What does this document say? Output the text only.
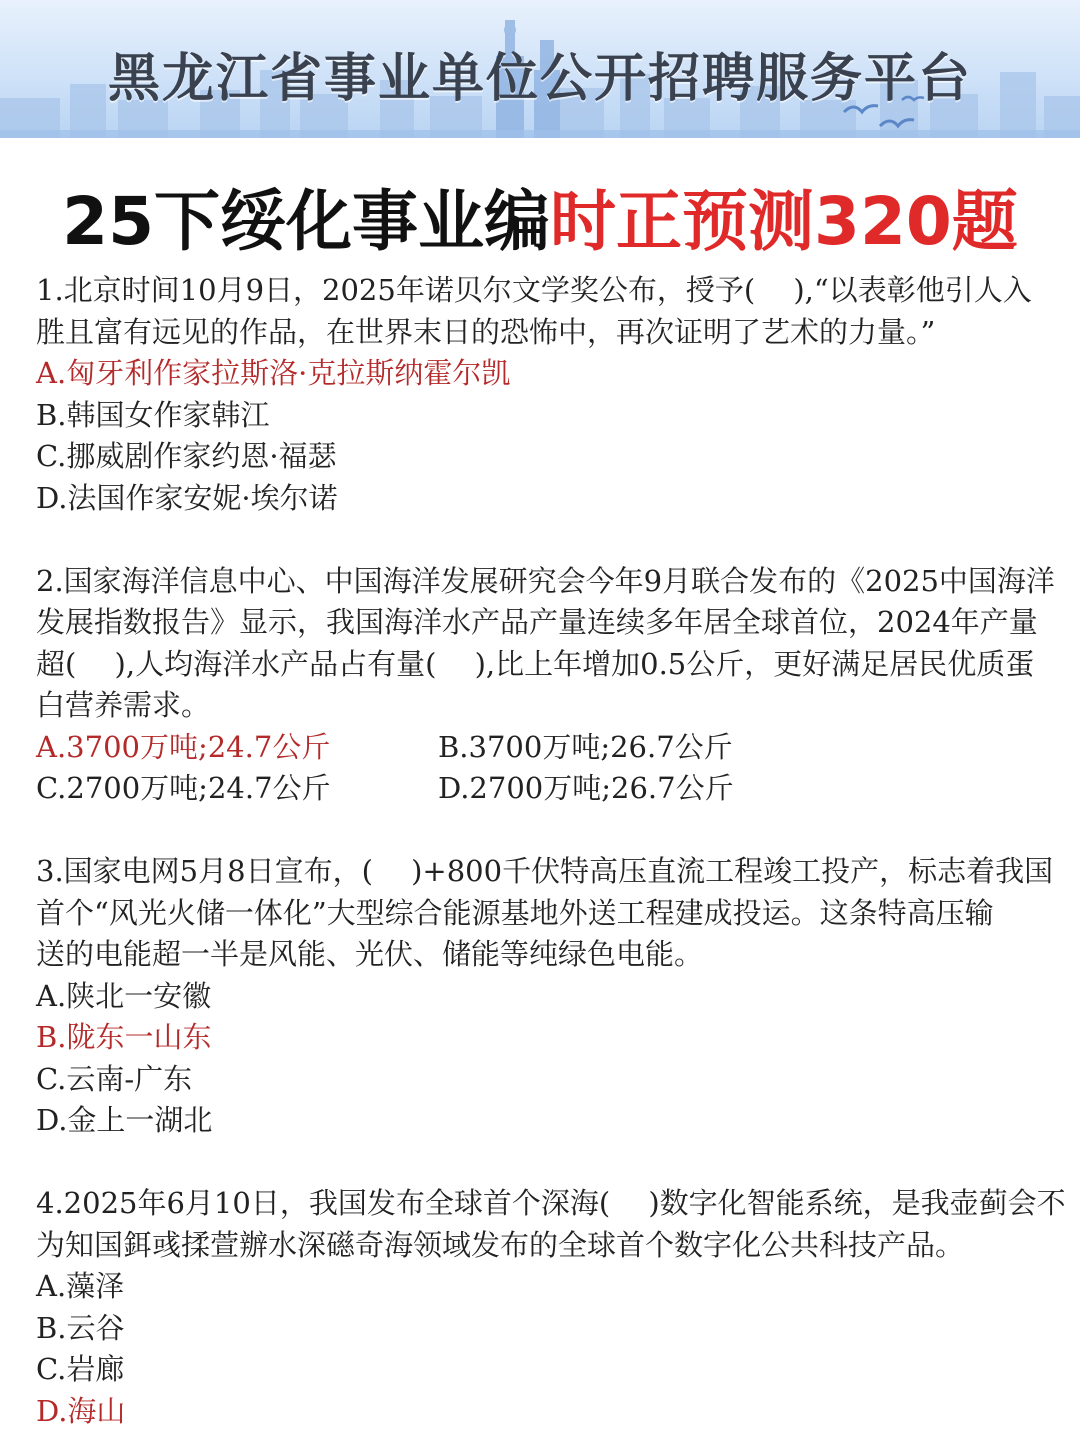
黑龙江省事业单位公开招聘服务平台
25下绥化事业编时正预测320题
1.北京时间10月9日，2025年诺贝尔文学奖公布，授予(　 ),“以表彰他引人入
胜且富有远见的作品，在世界末日的恐怖中，再次证明了艺术的力量。”
A.匈牙利作家拉斯洛·克拉斯纳霍尔凯
B.韩国女作家韩江
C.挪威剧作家约恩·福瑟
D.法国作家安妮·埃尔诺
2.国家海洋信息中心、中国海洋发展研究会今年9月联合发布的《2025中国海洋
发展指数报告》显示，我国海洋水产品产量连续多年居全球首位，2024年产量
超(　 ),人均海洋水产品占有量(　 ),比上年增加0.5公斤，更好满足居民优质蛋
白营养需求。
A.3700万吨;24.7公斤	B.3700万吨;26.7公斤
C.2700万吨;24.7公斤	D.2700万吨;26.7公斤
3.国家电网5月8日宣布，(　 )+800千伏特高压直流工程竣工投产，标志着我国
首个“风光火储一体化”大型综合能源基地外送工程建成投运。这条特高压输
送的电能超一半是风能、光伏、储能等纯绿色电能。
A.陕北一安徽
B.陇东一山东
C.云南-广东
D.金上一湖北
4.2025年6月10日，我国发布全球首个深海(　 )数字化智能系统，是我壶蓟会不
为知国鉺彧揉萱辦水深礠奇海领域发布的全球首个数字化公共科技产品。
A.藻泽
B.云谷
C.岩廊
D.海山
